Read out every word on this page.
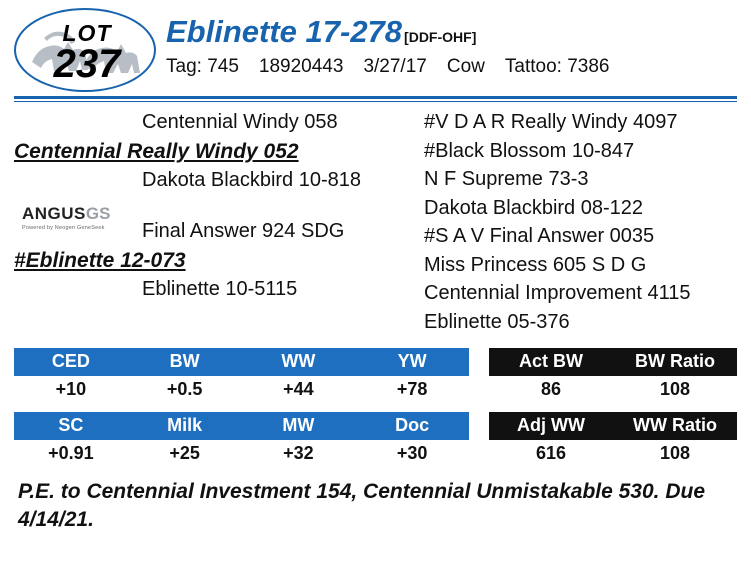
LOT
237
Eblinette 17-278 [DDF-OHF]
Tag: 745 18920443 3/27/17 Cow Tattoo: 7386
Centennial Windy 058
Centennial Really Windy 052
Dakota Blackbird 10-818
Final Answer 924 SDG
#Eblinette 12-073
Eblinette 10-5115
#V D A R Really Windy 4097
#Black Blossom 10-847
N F Supreme 73-3
Dakota Blackbird 08-122
#S A V Final Answer 0035
Miss Princess 605 S D G
Centennial Improvement 4115
Eblinette 05-376
ANGUSGS
Powered by Neogen GeneSeek
CED	BW	WW	YW
+10	+0.5	+44	+78
Act BW	BW Ratio
86	108
SC	Milk	MW	Doc
+0.91	+25	+32	+30
Adj WW	WW Ratio
616	108
P.E. to Centennial Investment 154, Centennial Unmistakable 530. Due 4/14/21.
